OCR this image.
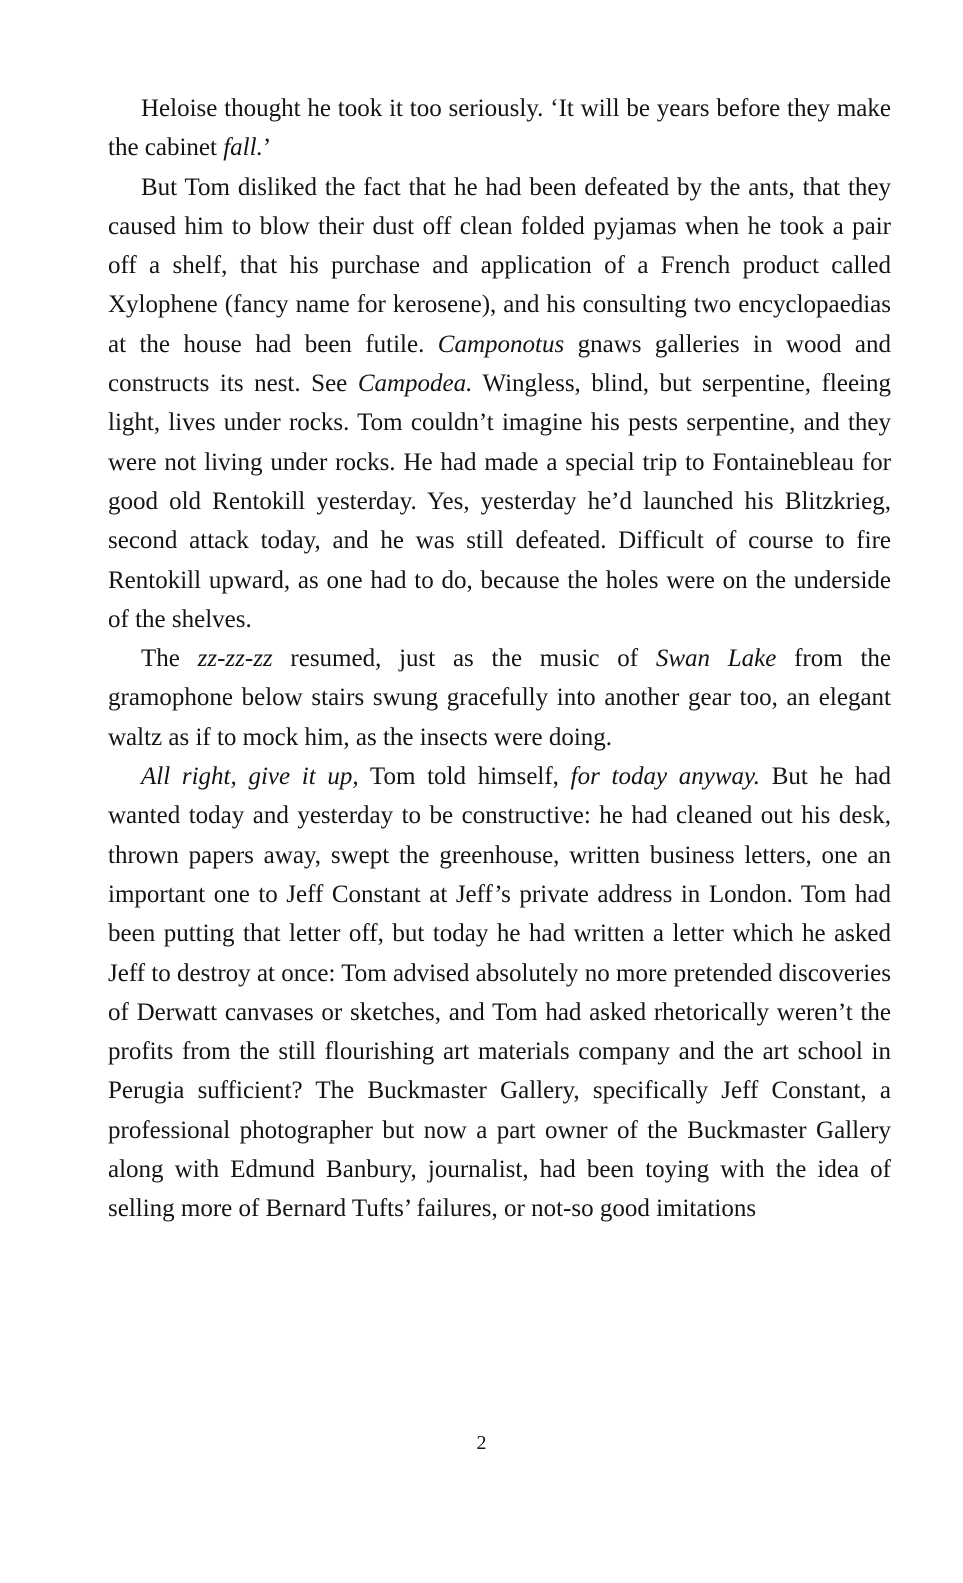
Heloise thought he took it too seriously. ‘It will be years before they make the cabinet fall.’

But Tom disliked the fact that he had been defeated by the ants, that they caused him to blow their dust off clean folded pyjamas when he took a pair off a shelf, that his purchase and application of a French product called Xylophene (fancy name for kerosene), and his consulting two encyclopaedias at the house had been futile. Camponotus gnaws galleries in wood and constructs its nest. See Campodea. Wingless, blind, but serpentine, fleeing light, lives under rocks. Tom couldn’t imagine his pests serpentine, and they were not living under rocks. He had made a special trip to Fontainebleau for good old Rentokill yesterday. Yes, yesterday he’d launched his Blitzkrieg, second attack today, and he was still defeated. Difficult of course to fire Rentokill upward, as one had to do, because the holes were on the underside of the shelves.

The zz-zz-zz resumed, just as the music of Swan Lake from the gramophone below stairs swung gracefully into another gear too, an elegant waltz as if to mock him, as the insects were doing.

All right, give it up, Tom told himself, for today anyway. But he had wanted today and yesterday to be constructive: he had cleaned out his desk, thrown papers away, swept the greenhouse, written business letters, one an important one to Jeff Constant at Jeff’s private address in London. Tom had been putting that letter off, but today he had written a letter which he asked Jeff to destroy at once: Tom advised absolutely no more pretended discoveries of Derwatt canvases or sketches, and Tom had asked rhetorically weren’t the profits from the still flourishing art materials company and the art school in Perugia sufficient? The Buckmaster Gallery, specifically Jeff Constant, a professional photographer but now a part owner of the Buckmaster Gallery along with Edmund Banbury, journalist, had been toying with the idea of selling more of Bernard Tufts’ failures, or not-so good imitations

2
